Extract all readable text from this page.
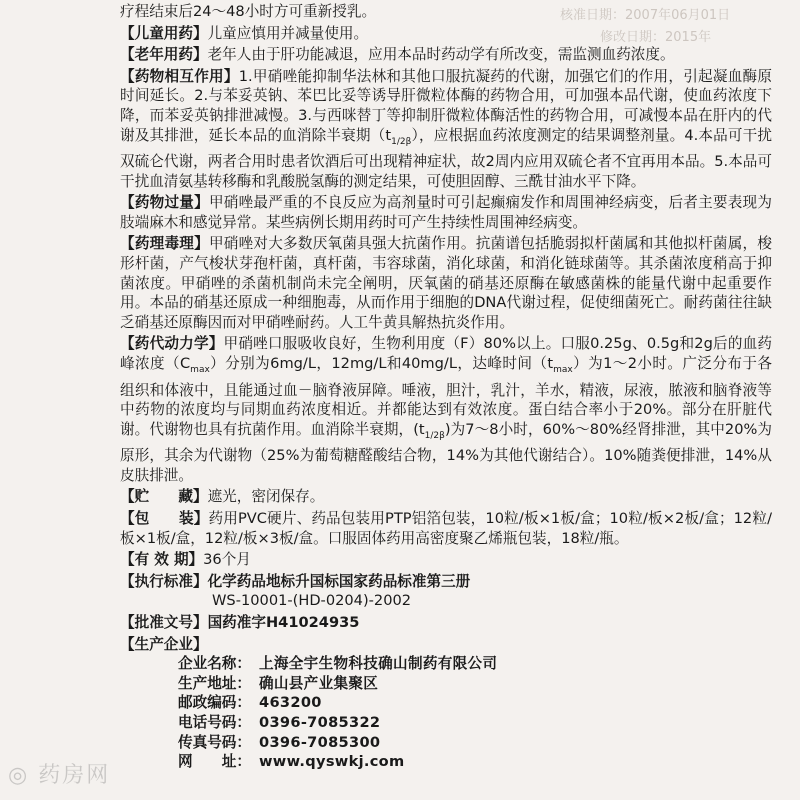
核准日期：2007年06月01日
修改日期：2015年

疗程结束后24～48小时方可重新授乳。

【儿童用药】儿童应慎用并减量使用。

【老年用药】老年人由于肝功能减退，应用本品时药动学有所改变，需监测血药浓度。

【药物相互作用】1.甲硝唑能抑制华法林和其他口服抗凝药的代谢，加强它们的作用，引起凝血酶原时间延长。2.与苯妥英钠、苯巴比妥等诱导肝微粒体酶的药物合用，可加强本品代谢，使血药浓度下降，而苯妥英钠排泄减慢。3.与西咪替丁等抑制肝微粒体酶活性的药物合用，可减慢本品在肝内的代谢及其排泄，延长本品的血消除半衰期$(t_{1/2\beta})$，应根据血药浓度测定的结果调整剂量。4.本品可干扰双硫仑代谢，两者合用时患者饮酒后可出现精神症状，故2周内应用双硫仑者不宜再用本品。5.本品可干扰血清氨基转移酶和乳酸脱氢酶的测定结果，可使胆固醇、三酰甘油水平下降。

【药物过量】甲硝唑最严重的不良反应为高剂量时可引起癫痫发作和周围神经病变，后者主要表现为肢端麻木和感觉异常。某些病例长期用药时可产生持续性周围神经病变。

【药理毒理】甲硝唑对大多数厌氧菌具强大抗菌作用。抗菌谱包括脆弱拟杆菌属和其他拟杆菌属，梭形杆菌，产气梭状芽孢杆菌，真杆菌，韦容球菌，消化球菌，和消化链球菌等。其杀菌浓度稍高于抑菌浓度。甲硝唑的杀菌机制尚未完全阐明，厌氧菌的硝基还原酶在敏感菌株的能量代谢中起重要作用。本品的硝基还原成一种细胞毒，从而作用于细胞的DNA代谢过程，促使细菌死亡。耐药菌往往缺乏硝基还原酶因而对甲硝唑耐药。人工牛黄具解热抗炎作用。

【药代动力学】甲硝唑口服吸收良好，生物利用度（F）80%以上。口服0.25g、0.5g和2g后的血药峰浓度$(C_{max})$分别为6mg/L，12mg/L和40mg/L，达峰时间$(t_{max})$为1～2小时。广泛分布于各组织和体液中，且能通过血－脑脊液屏障。唾液，胆汁，乳汁，羊水，精液，尿液，脓液和脑脊液等中药物的浓度均与同期血药浓度相近。并都能达到有效浓度。蛋白结合率小于20%。部分在肝脏代谢。代谢物也具有抗菌作用。血消除半衰期，$(t_{1/2\beta})$为7～8小时，60%～80%经肾排泄，其中20%为原形，其余为代谢物（25%为葡萄糖醛酸结合物，14%为其他代谢结合）。10%随粪便排泄，14%从皮肤排泄。

【贮　　藏】遮光，密闭保存。

【包　　装】药用PVC硬片、药品包装用PTP铝箔包装，10粒/板×1板/盒；10粒/板×2板/盒；12粒/板×1板/盒，12粒/板×3板/盒。口服固体药用高密度聚乙烯瓶包装，18粒/瓶。

【有 效 期】36个月

【执行标准】化学药品地标升国标国家药品标准第三册

WS-10001-(HD-0204)-2002

【批准文号】国药准字H41024935

【生产企业】

企业名称： 上海全宇生物科技确山制药有限公司
生产地址： 确山县产业集聚区
邮政编码： 463200
电话号码： 0396-7085322
传真号码： 0396-7085300
网　　址： www.qyswkj.com
◎ 药房网
